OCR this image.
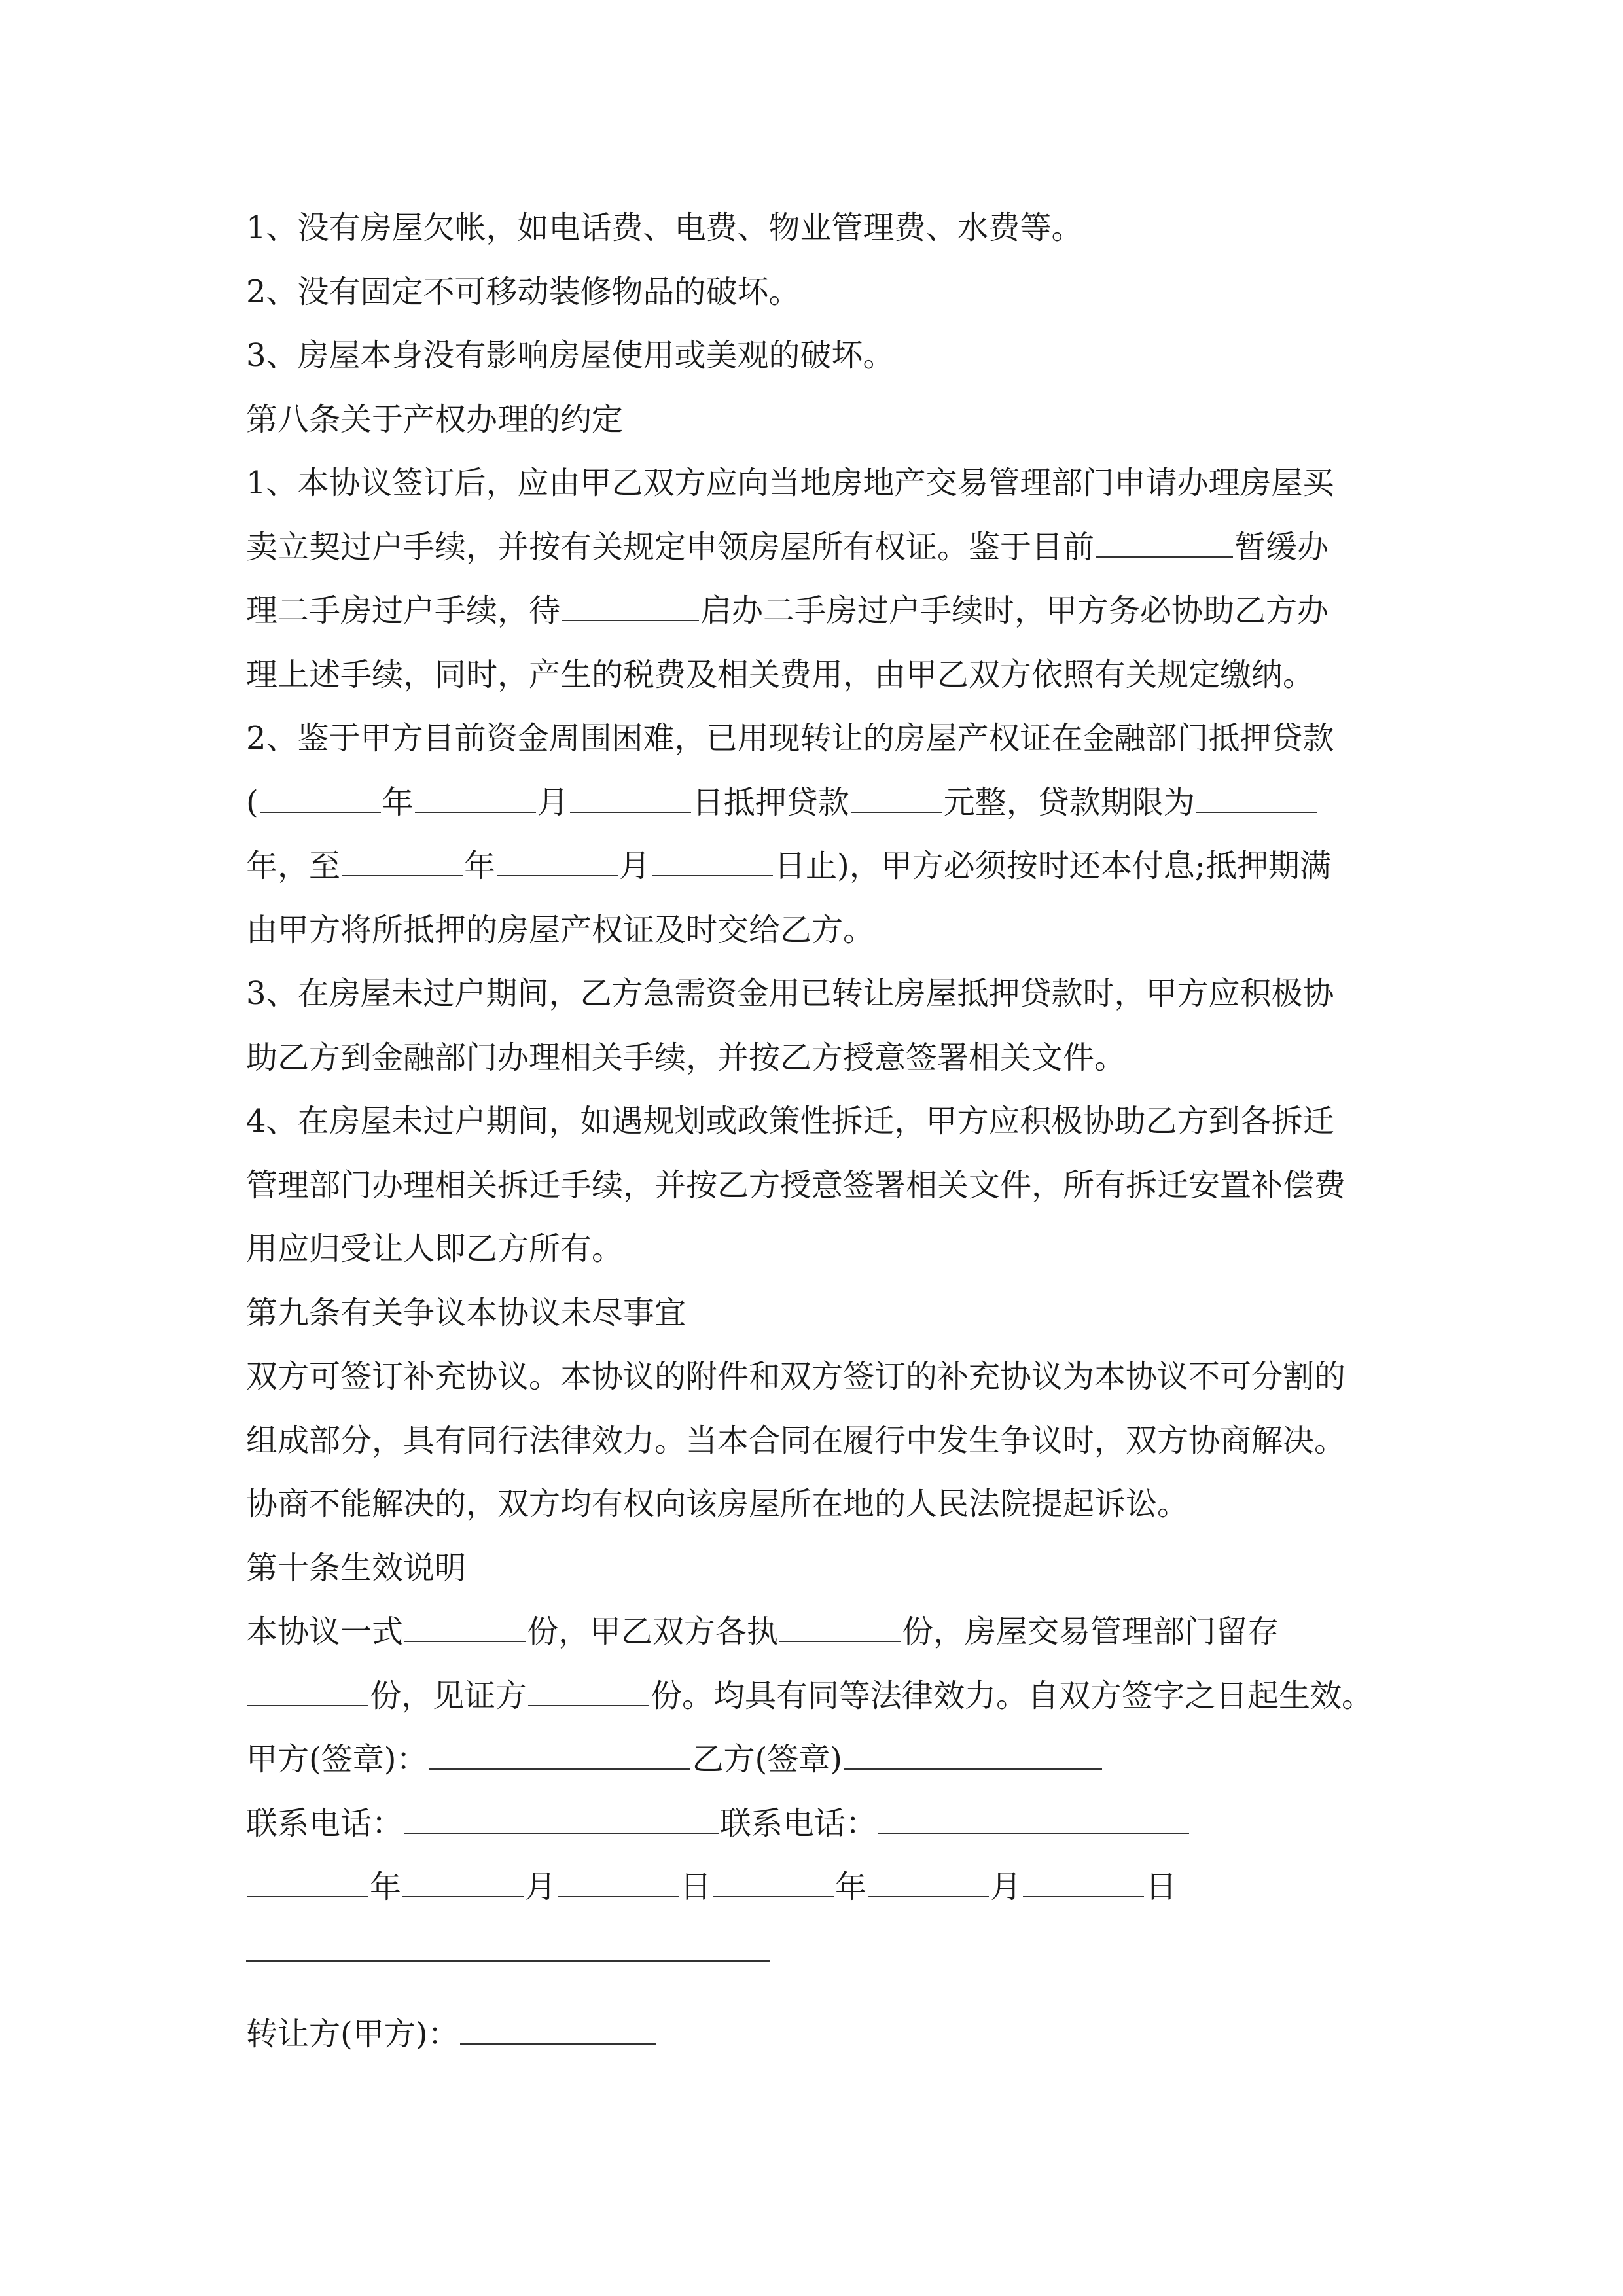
1、没有房屋欠帐，如电话费、电费、物业管理费、水费等。
2、没有固定不可移动装修物品的破坏。
3、房屋本身没有影响房屋使用或美观的破坏。
第八条关于产权办理的约定
1、本协议签订后，应由甲乙双方应向当地房地产交易管理部门申请办理房屋买
卖立契过户手续，并按有关规定申领房屋所有权证。鉴于目前	暂缓办
理二手房过户手续，待	启办二手房过户手续时，甲方务必协助乙方办
理上述手续，同时，产生的税费及相关费用，由甲乙双方依照有关规定缴纳。
2、鉴于甲方目前资金周围困难，已用现转让的房屋产权证在金融部门抵押贷款
(	年	月	日抵押贷款	元整，贷款期限为
年，至	年	月	日止)，甲方必须按时还本付息;抵押期满
由甲方将所抵押的房屋产权证及时交给乙方。
3、在房屋未过户期间，乙方急需资金用已转让房屋抵押贷款时，甲方应积极协
助乙方到金融部门办理相关手续，并按乙方授意签署相关文件。
4、在房屋未过户期间，如遇规划或政策性拆迁，甲方应积极协助乙方到各拆迁
管理部门办理相关拆迁手续，并按乙方授意签署相关文件，所有拆迁安置补偿费
用应归受让人即乙方所有。
第九条有关争议本协议未尽事宜
双方可签订补充协议。本协议的附件和双方签订的补充协议为本协议不可分割的
组成部分，具有同行法律效力。当本合同在履行中发生争议时，双方协商解决。
协商不能解决的，双方均有权向该房屋所在地的人民法院提起诉讼。
第十条生效说明
本协议一式	份，甲乙双方各执	份，房屋交易管理部门留存
份，见证方	份。均具有同等法律效力。自双方签字之日起生效。
甲方(签章)：	乙方(签章)
联系电话：	联系电话：
年	月	日	年	月	日
转让方(甲方)：
